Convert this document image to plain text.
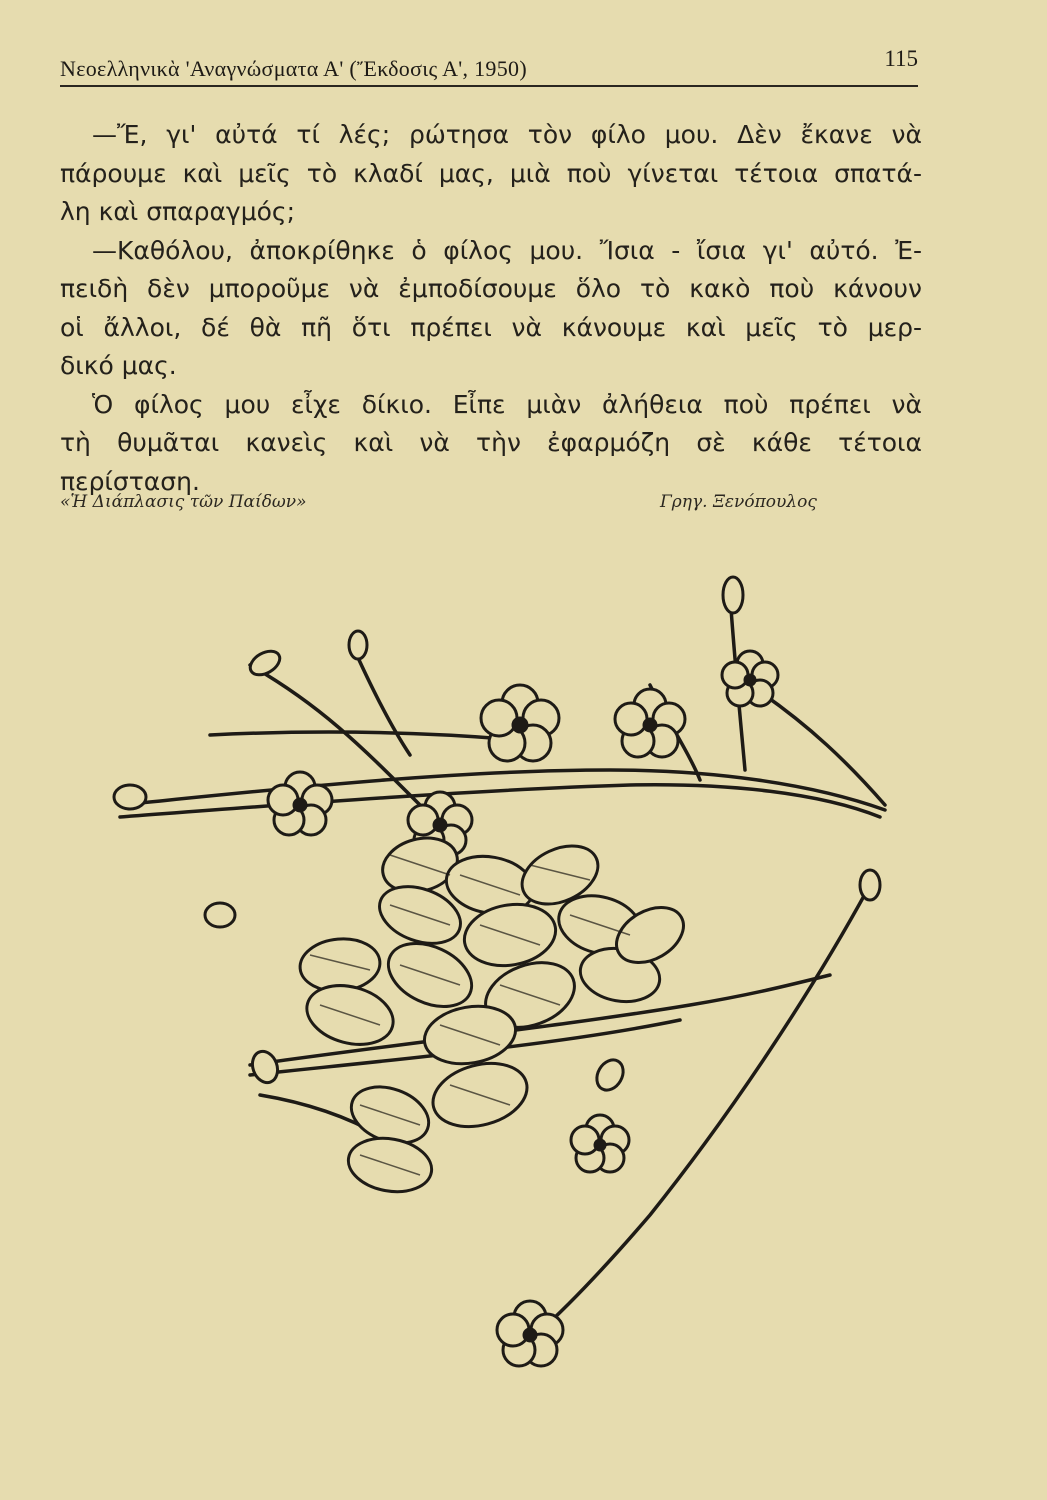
Νεοελληνικὰ 'Αναγνώσματα Α' (Ἔκδοσις Α', 1950)	115
—Ἔ, γι' αὐτά τί λές; ρώτησα τὸν φίλο μου. Δὲν ἔκανε νὰ
πάρουμε καὶ μεῖς τὸ κλαδί μας, μιὰ ποὺ γίνεται τέτοια σπατά-
λη καὶ σπαραγμός;
—Καθόλου, ἀποκρίθηκε ὁ φίλος μου. Ἴσια - ἴσια γι' αὐτό. Ἐ-
πειδὴ δὲν μποροῦμε νὰ ἐμποδίσουμε ὅλο τὸ κακὸ ποὺ κάνουν
οἱ ἄλλοι, δέ θὰ πῆ ὅτι πρέπει νὰ κάνουμε καὶ μεῖς τὸ μερ-
δικό μας.
Ὁ φίλος μου εἶχε δίκιο. Εἶπε μιὰν ἀλήθεια ποὺ πρέπει νὰ
τὴ θυμᾶται κανεὶς καὶ νὰ τὴν ἐφαρμόζη σὲ κάθε τέτοια
περίσταση.
«Ἡ Διάπλασις τῶν Παίδων»	Γρηγ. Ξενόπουλος
